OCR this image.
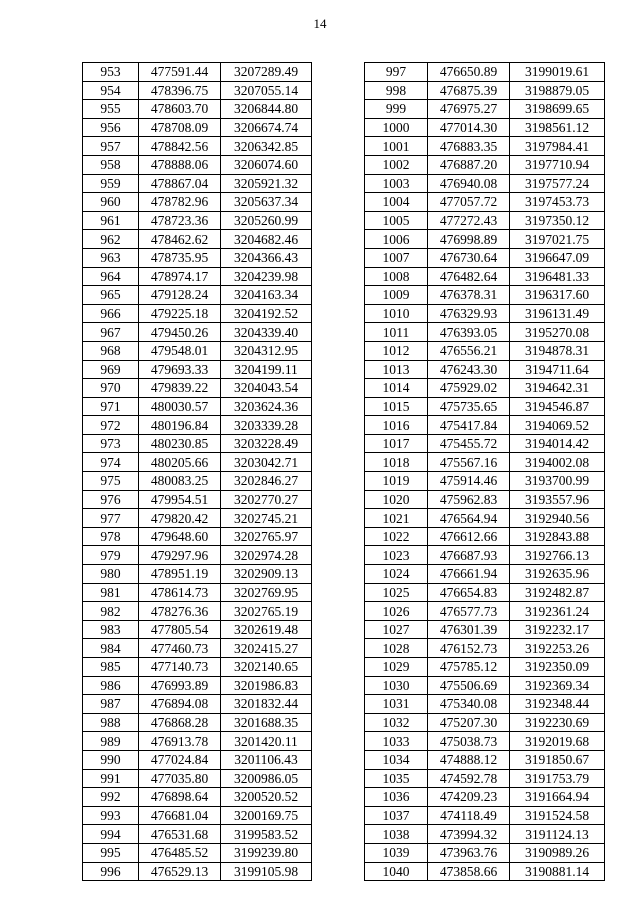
14
953	477591.44	3207289.49
954	478396.75	3207055.14
955	478603.70	3206844.80
956	478708.09	3206674.74
957	478842.56	3206342.85
958	478888.06	3206074.60
959	478867.04	3205921.32
960	478782.96	3205637.34
961	478723.36	3205260.99
962	478462.62	3204682.46
963	478735.95	3204366.43
964	478974.17	3204239.98
965	479128.24	3204163.34
966	479225.18	3204192.52
967	479450.26	3204339.40
968	479548.01	3204312.95
969	479693.33	3204199.11
970	479839.22	3204043.54
971	480030.57	3203624.36
972	480196.84	3203339.28
973	480230.85	3203228.49
974	480205.66	3203042.71
975	480083.25	3202846.27
976	479954.51	3202770.27
977	479820.42	3202745.21
978	479648.60	3202765.97
979	479297.96	3202974.28
980	478951.19	3202909.13
981	478614.73	3202769.95
982	478276.36	3202765.19
983	477805.54	3202619.48
984	477460.73	3202415.27
985	477140.73	3202140.65
986	476993.89	3201986.83
987	476894.08	3201832.44
988	476868.28	3201688.35
989	476913.78	3201420.11
990	477024.84	3201106.43
991	477035.80	3200986.05
992	476898.64	3200520.52
993	476681.04	3200169.75
994	476531.68	3199583.52
995	476485.52	3199239.80
996	476529.13	3199105.98
997	476650.89	3199019.61
998	476875.39	3198879.05
999	476975.27	3198699.65
1000	477014.30	3198561.12
1001	476883.35	3197984.41
1002	476887.20	3197710.94
1003	476940.08	3197577.24
1004	477057.72	3197453.73
1005	477272.43	3197350.12
1006	476998.89	3197021.75
1007	476730.64	3196647.09
1008	476482.64	3196481.33
1009	476378.31	3196317.60
1010	476329.93	3196131.49
1011	476393.05	3195270.08
1012	476556.21	3194878.31
1013	476243.30	3194711.64
1014	475929.02	3194642.31
1015	475735.65	3194546.87
1016	475417.84	3194069.52
1017	475455.72	3194014.42
1018	475567.16	3194002.08
1019	475914.46	3193700.99
1020	475962.83	3193557.96
1021	476564.94	3192940.56
1022	476612.66	3192843.88
1023	476687.93	3192766.13
1024	476661.94	3192635.96
1025	476654.83	3192482.87
1026	476577.73	3192361.24
1027	476301.39	3192232.17
1028	476152.73	3192253.26
1029	475785.12	3192350.09
1030	475506.69	3192369.34
1031	475340.08	3192348.44
1032	475207.30	3192230.69
1033	475038.73	3192019.68
1034	474888.12	3191850.67
1035	474592.78	3191753.79
1036	474209.23	3191664.94
1037	474118.49	3191524.58
1038	473994.32	3191124.13
1039	473963.76	3190989.26
1040	473858.66	3190881.14
